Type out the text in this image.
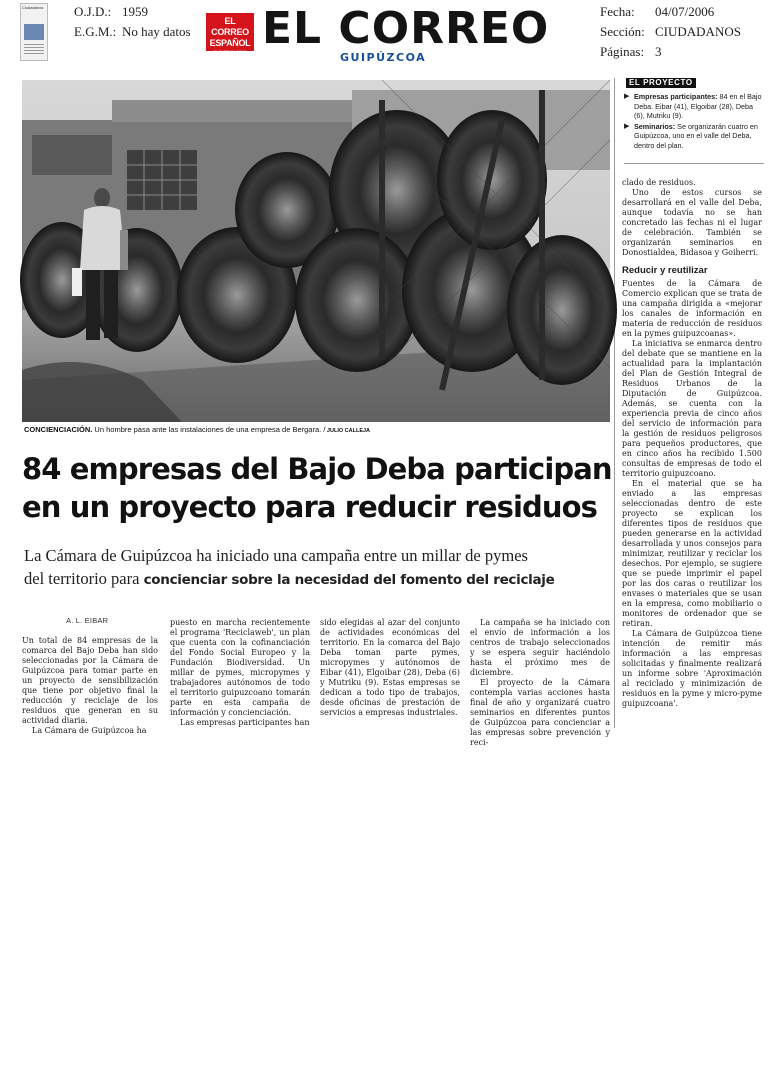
Ciudadanos O.J.D.: 1959
E.G.M.: No hay datos
EL CORREO
ESPAÑOL
EL PUEBLO VASCO EL CORREO
GUIPÚZCOA
Fecha: 04/07/2006
Sección: CIUDADANOS
Páginas: 3
CONCIENCIACIÓN. Un hombre pasa ante las instalaciones de una empresa de Bergara. / JULIO CALLEJA
84 empresas del Bajo Deba participan
en un proyecto para reducir residuos
La Cámara de Guipúzcoa ha iniciado una campaña entre un millar de pymes
del territorio para concienciar sobre la necesidad del fomento del reciclaje
A. L. EIBAR

Un total de 84 empresas de la comarca del Bajo Deba han sido seleccionadas por la Cámara de Guipúzcoa para tomar parte en un proyecto de sensibilización que tiene por objetivo final la reducción y reciclaje de los residuos que generan en su actividad diaria.

La Cámara de Guipúzcoa ha

puesto en marcha recientemente el programa 'Reciclaweb', un plan que cuenta con la cofinanciación del Fondo Social Europeo y la Fundación Biodiversidad. Un millar de pymes, micropymes y trabajadores autónomos de todo el territorio guipuzcoano tomarán parte en esta campaña de información y concienciación.

Las empresas participantes han

sido elegidas al azar del conjunto de actividades económicas del territorio. En la comarca del Bajo Deba toman parte pymes, micropymes y autónomos de Eibar (41), Elgoibar (28), Deba (6) y Mutriku (9). Estas empresas se dedican a todo tipo de trabajos, desde oficinas de prestación de servicios a empresas industriales.

La campaña se ha iniciado con el envío de información a los centros de trabajo seleccionados y se espera seguir haciéndolo hasta el próximo mes de diciembre.

El proyecto de la Cámara contempla varias acciones hasta final de año y organizará cuatro seminarios en diferentes puntos de Guipúzcoa para concienciar a las empresas sobre prevención y reci-

EL PROYECTO
▶ Empresas participantes: 84 en el Bajo Deba. Eibar (41), Elgoibar (28), Deba (6), Mutriku (9).
▶ Seminarios: Se organizarán cuatro en Guipúzcoa, uno en el valle del Deba, dentro del plan.

clado de residuos.

Uno de estos cursos se desarrollará en el valle del Deba, aunque todavía no se han concretado las fechas ni el lugar de celebración. También se organizarán seminarios en Donostialdea, Bidasoa y Goiherri.

Reducir y reutilizar

Fuentes de la Cámara de Comercio explican que se trata de una campaña dirigida a «mejorar los canales de información en materia de reducción de residuos en la pymes guipuzcoanas».

La iniciativa se enmarca dentro del debate que se mantiene en la actualidad para la implantación del Plan de Gestión Integral de Residuos Urbanos de la Diputación de Guipúzcoa. Además, se cuenta con la experiencia previa de cinco años del servicio de información para la gestión de residuos peligrosos para pequeños productores, que en cinco años ha recibido 1.500 consultas de empresas de todo el territorio guipuzcoano.

En el material que se ha enviado a las empresas seleccionadas dentro de este proyecto se explican los diferentes tipos de residuos que pueden generarse en la actividad desarrollada y unos consejos para minimizar, reutilizar y reciclar los desechos. Por ejemplo, se sugiere que se puede imprimir el papel por las dos caras o reutilizar los envases o materiales que se usan en la empresa, como mobiliario o monitores de ordenador que se retiran.

La Cámara de Guipúzcoa tiene intención de remitir más información a las empresas solicitadas y finalmente realizará un informe sobre 'Aproximación al reciclado y minimización de residuos en la pyme y micro-pyme guipuzcoana'.
